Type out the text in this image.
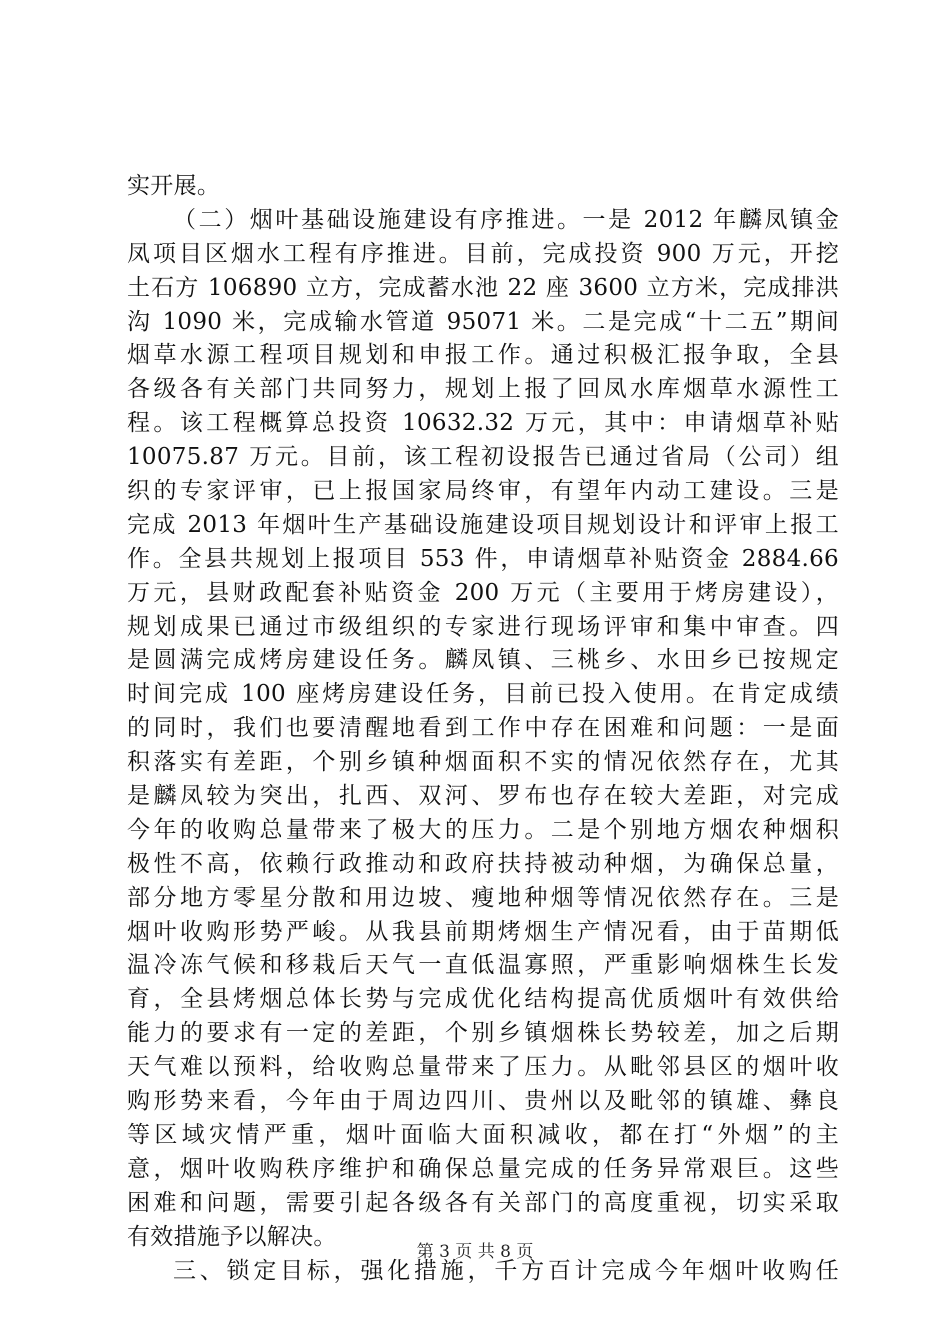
实开展。
（二）烟叶基础设施建设有序推进。一是 2012 年麟凤镇金
凤项目区烟水工程有序推进。目前，完成投资 900 万元，开挖
土石方 106890 立方，完成蓄水池 22 座 3600 立方米，完成排洪
沟 1090 米，完成输水管道 95071 米。二是完成“十二五”期间
烟草水源工程项目规划和申报工作。通过积极汇报争取，全县
各级各有关部门共同努力，规划上报了回凤水库烟草水源性工
程。该工程概算总投资 10632.32 万元，其中：申请烟草补贴
10075.87 万元。目前，该工程初设报告已通过省局（公司）组
织的专家评审，已上报国家局终审，有望年内动工建设。三是
完成 2013 年烟叶生产基础设施建设项目规划设计和评审上报工
作。全县共规划上报项目 553 件，申请烟草补贴资金 2884.66
万元，县财政配套补贴资金 200 万元（主要用于烤房建设），
规划成果已通过市级组织的专家进行现场评审和集中审查。四
是圆满完成烤房建设任务。麟凤镇、三桃乡、水田乡已按规定
时间完成 100 座烤房建设任务，目前已投入使用。在肯定成绩
的同时，我们也要清醒地看到工作中存在困难和问题：一是面
积落实有差距，个别乡镇种烟面积不实的情况依然存在，尤其
是麟凤较为突出，扎西、双河、罗布也存在较大差距，对完成
今年的收购总量带来了极大的压力。二是个别地方烟农种烟积
极性不高，依赖行政推动和政府扶持被动种烟，为确保总量，
部分地方零星分散和用边坡、瘦地种烟等情况依然存在。三是
烟叶收购形势严峻。从我县前期烤烟生产情况看，由于苗期低
温冷冻气候和移栽后天气一直低温寡照，严重影响烟株生长发
育，全县烤烟总体长势与完成优化结构提高优质烟叶有效供给
能力的要求有一定的差距，个别乡镇烟株长势较差，加之后期
天气难以预料，给收购总量带来了压力。从毗邻县区的烟叶收
购形势来看，今年由于周边四川、贵州以及毗邻的镇雄、彝良
等区域灾情严重，烟叶面临大面积减收，都在打“外烟”的主
意，烟叶收购秩序维护和确保总量完成的任务异常艰巨。这些
困难和问题，需要引起各级各有关部门的高度重视，切实采取
有效措施予以解决。
三、锁定目标，强化措施，千方百计完成今年烟叶收购任
第 3 页 共 8 页
